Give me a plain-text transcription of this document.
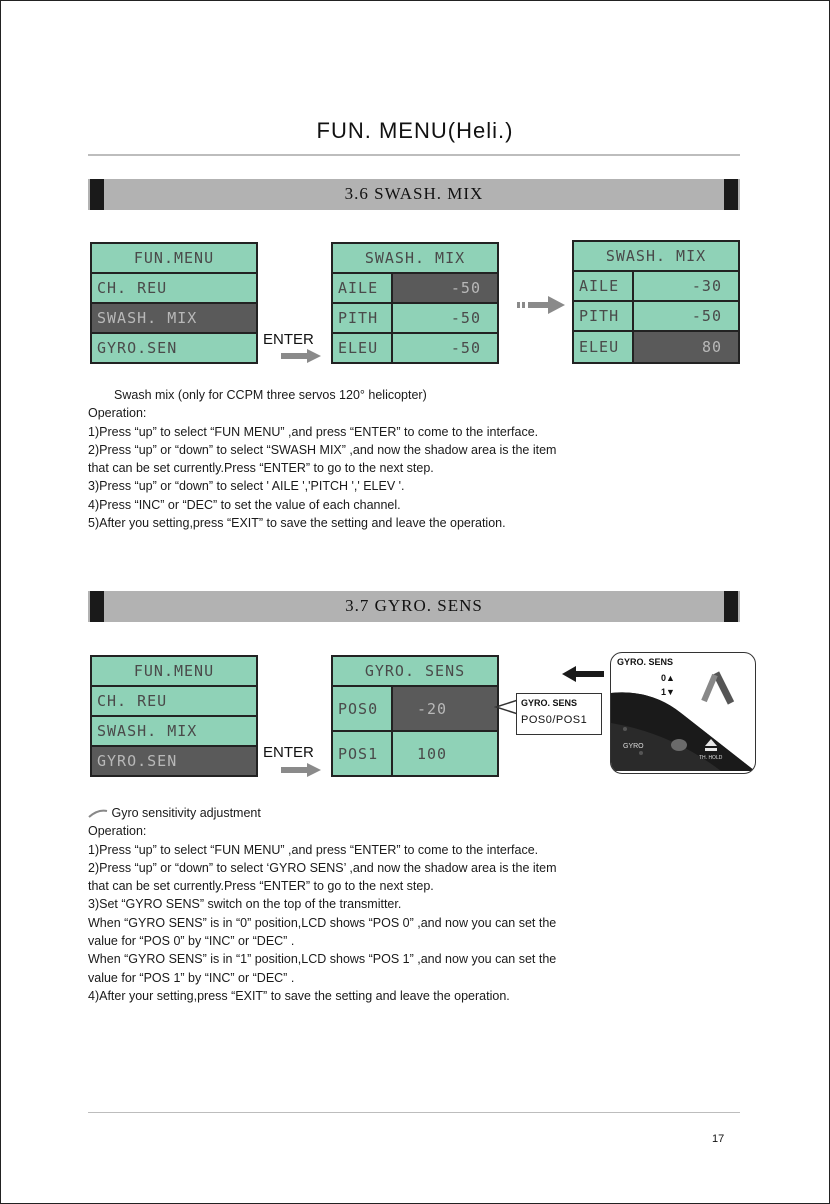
FUN. MENU(Heli.)
3.6 SWASH. MIX
FUN.MENU
CH. REU
SWASH. MIX
GYRO.SEN	ENTER
SWASH. MIX
AILE	-50
PITH	-50
ELEU	-50
SWASH. MIX
AILE	-30
PITH	-50
ELEU	80
Swash mix (only for CCPM three servos 120° helicopter)
Operation:
1)Press “up” to select “FUN MENU” ,and press “ENTER” to come to the interface.
2)Press “up” or “down” to select “SWASH MIX” ,and now the shadow area is the item
that can be set currently.Press “ENTER” to go to the next step.
3)Press “up” or “down” to select ' AILE ','PITCH ',' ELEV '.
4)Press “INC” or “DEC” to set the value of each channel.
5)After you setting,press “EXIT” to save the setting and leave the operation.
3.7 GYRO. SENS
FUN.MENU
CH. REU
SWASH. MIX
GYRO.SEN	ENTER
GYRO. SENS
POS0	-20
POS1	100
GYRO. SENS
POS0/POS1
GYRO. SENS
0▲
1▼
GYRO
TH. HOLD
Gyro sensitivity adjustment
Operation:
1)Press “up” to select “FUN MENU” ,and press “ENTER” to come to the interface.
2)Press “up” or “down” to select ‘GYRO SENS’ ,and now the shadow area is the item
that can be set currently.Press “ENTER” to go to the next step.
3)Set “GYRO SENS” switch on the top of the transmitter.
When “GYRO SENS” is in “0” position,LCD shows “POS 0” ,and now you can set the
value for “POS 0” by “INC” or “DEC” .
When “GYRO SENS” is in “1” position,LCD shows “POS 1” ,and now you can set the
value for “POS 1” by “INC” or “DEC” .
4)After your setting,press “EXIT” to save the setting and leave the operation.
17
